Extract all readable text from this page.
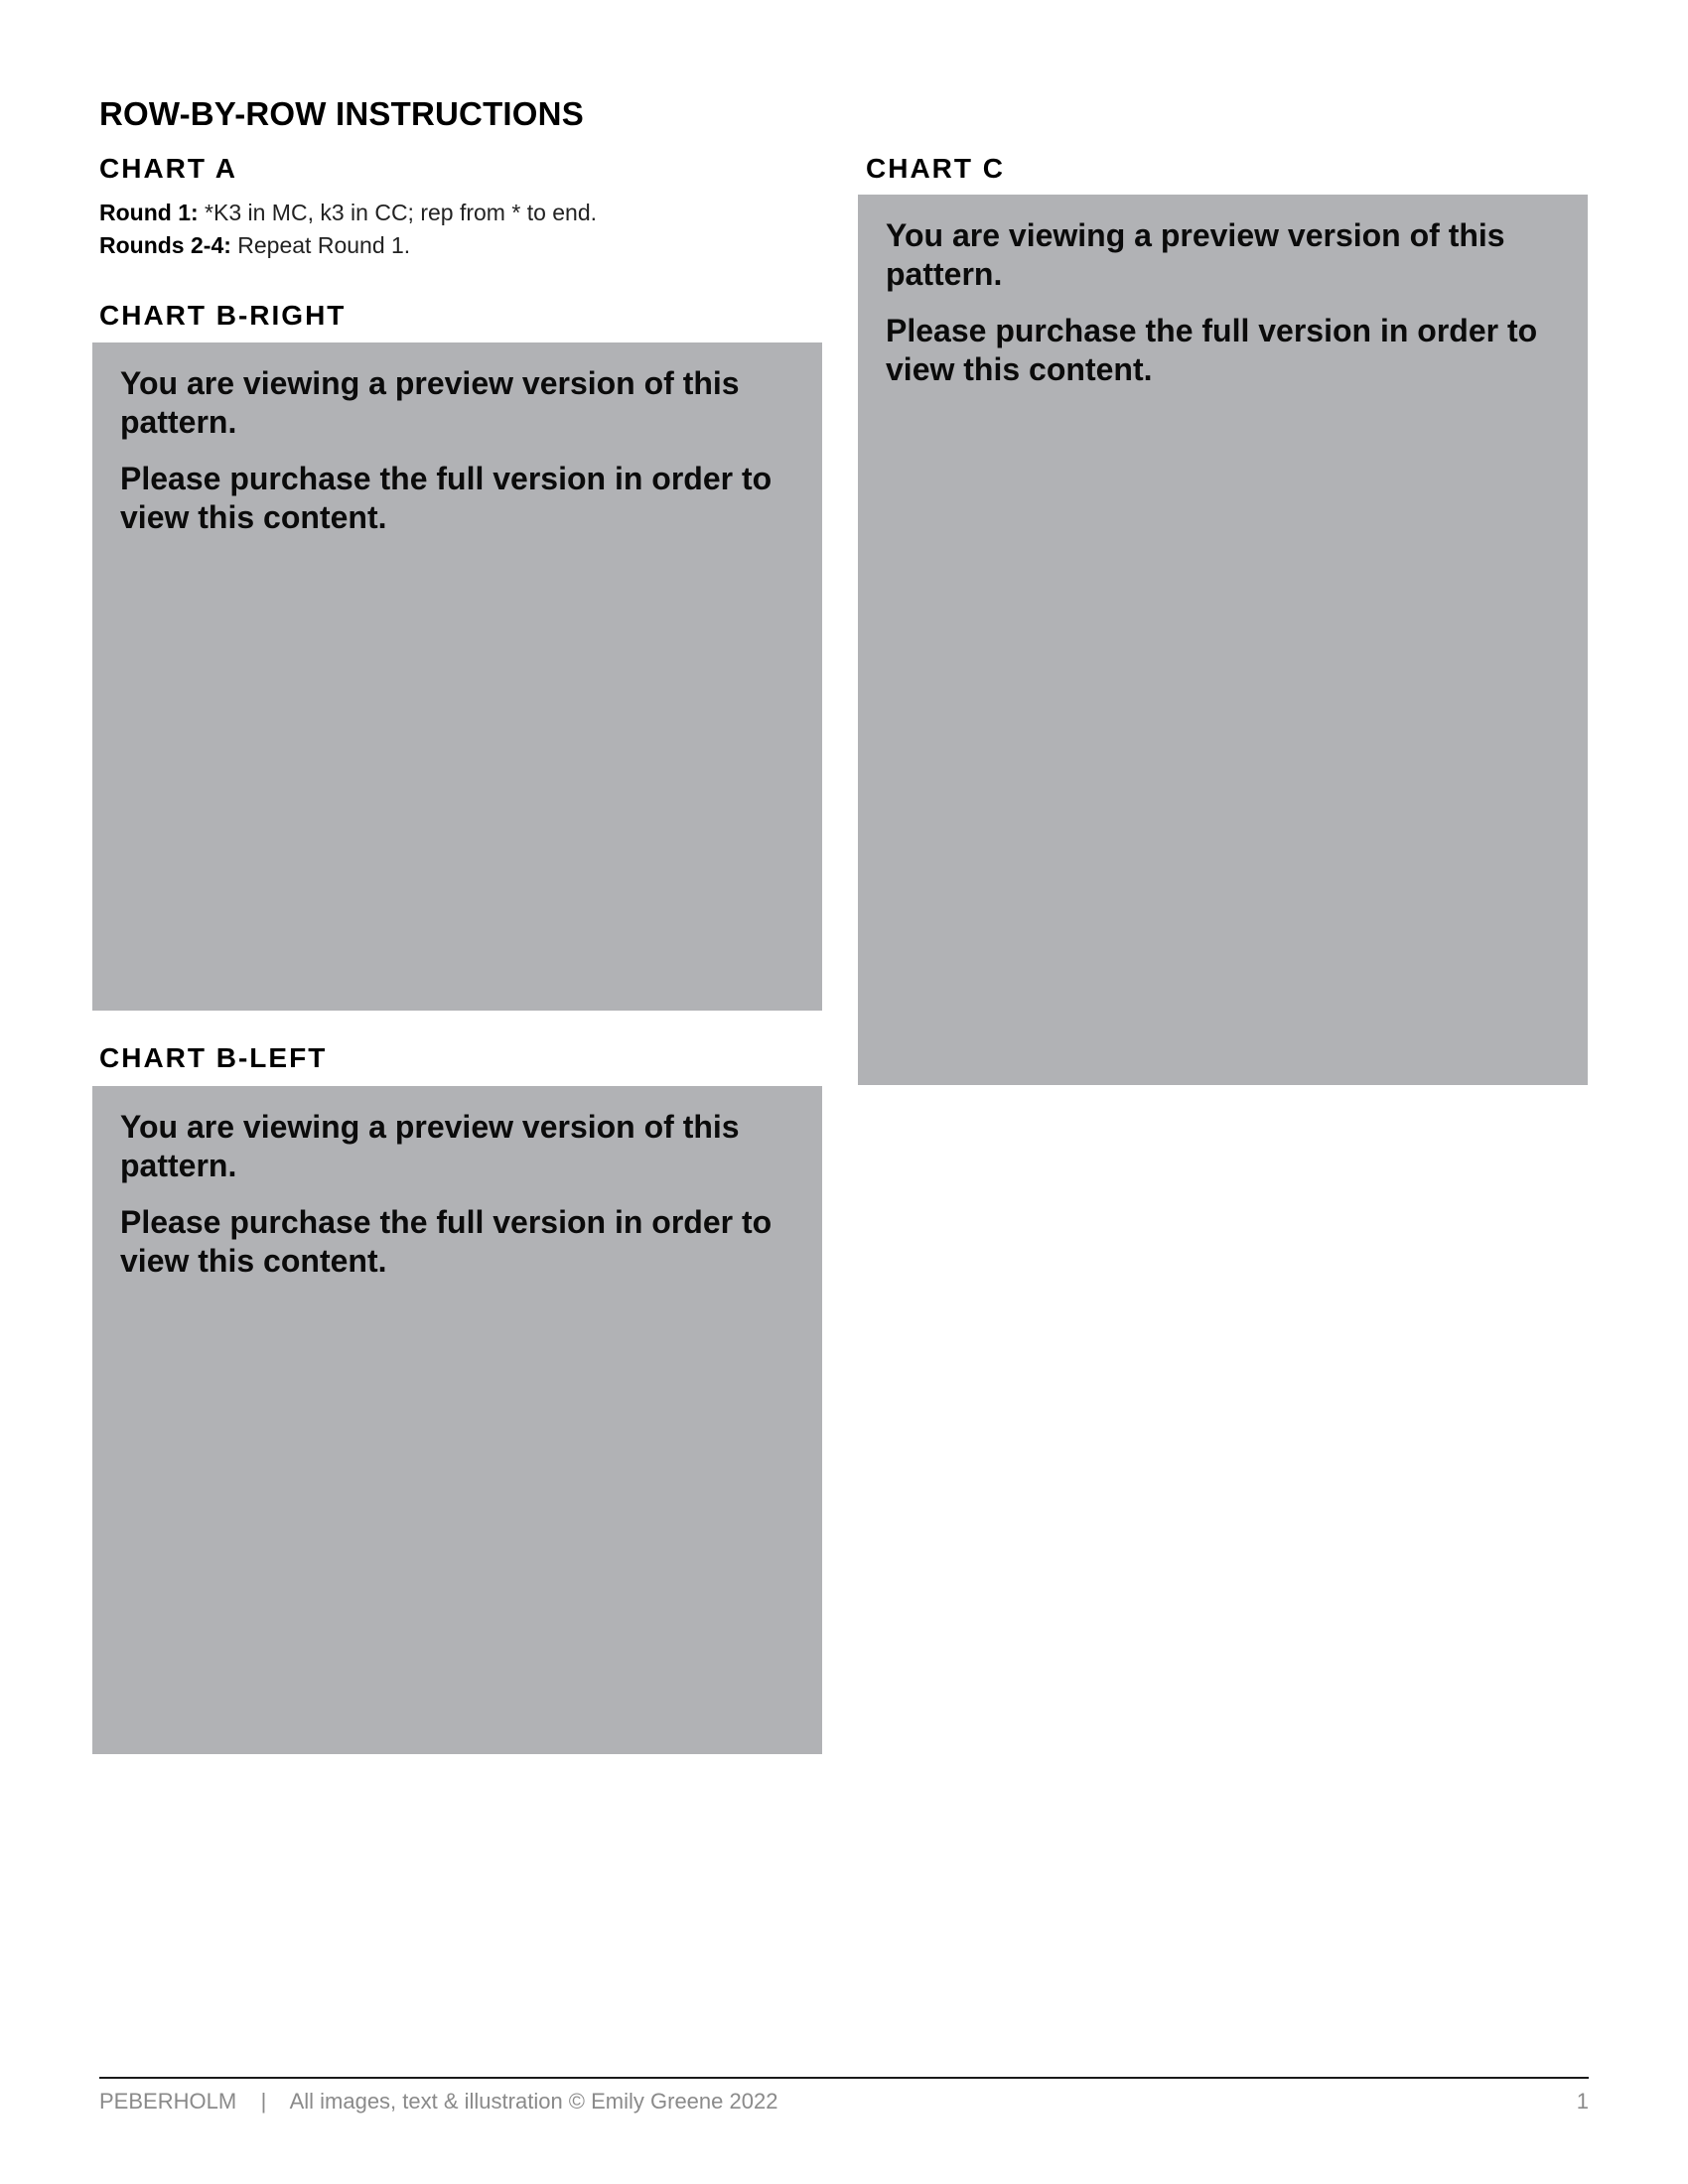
ROW-BY-ROW INSTRUCTIONS
CHART A
Round 1: *K3 in MC, k3 in CC; rep from * to end.
Rounds 2-4: Repeat Round 1.
CHART B-RIGHT

You are viewing a preview version of this pattern.

Please purchase the full version in order to view this content.

CHART B-LEFT

You are viewing a preview version of this pattern.

Please purchase the full version in order to view this content.

CHART C

You are viewing a preview version of this pattern.

Please purchase the full version in order to view this content.

PEBERHOLM | All images, text & illustration © Emily Greene 2022	1
